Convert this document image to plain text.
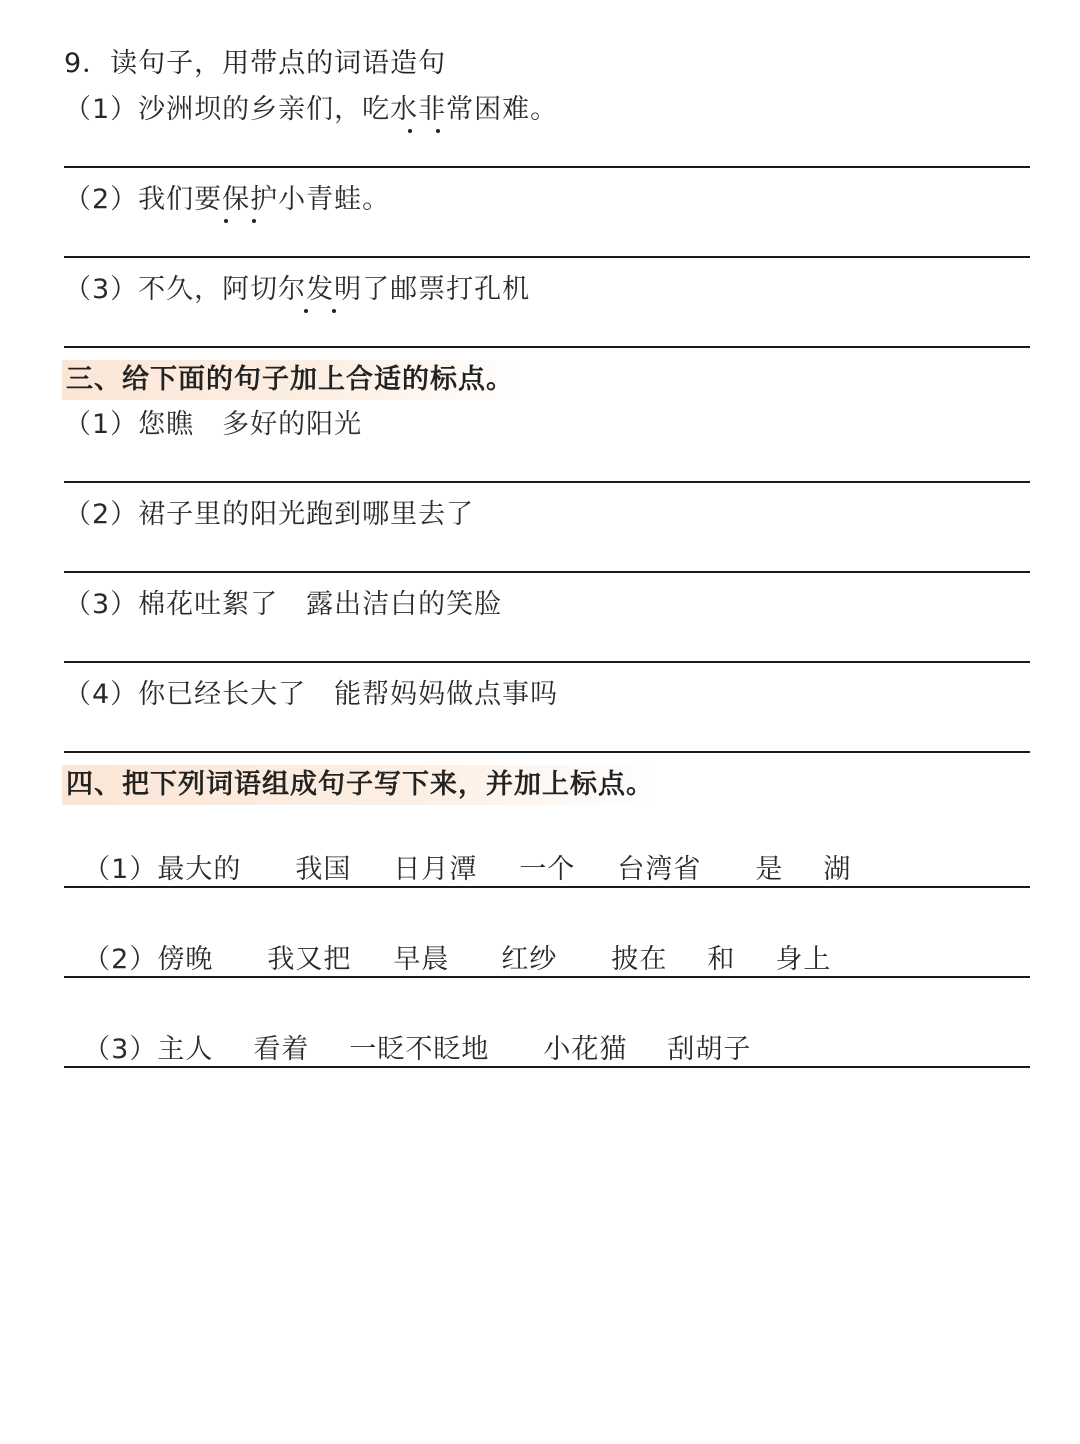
9．读句子，用带点的词语造句

（1）沙洲坝的乡亲们，吃水非常困难。

（2）我们要保护小青蛙。

（3）不久，阿切尔发明了邮票打孔机

三、给下面的句子加上合适的标点。

（1）您瞧　多好的阳光

（2）裙子里的阳光跑到哪里去了

（3）棉花吐絮了　露出洁白的笑脸

（4）你已经长大了　能帮妈妈做点事吗

四、把下列词语组成句子写下来，并加上标点。

（1）最大的 我国 日月潭 一个 台湾省 是 湖

（2）傍晚 我又把 早晨 红纱 披在 和 身上

（3）主人 看着 一眨不眨地 小花猫 刮胡子
